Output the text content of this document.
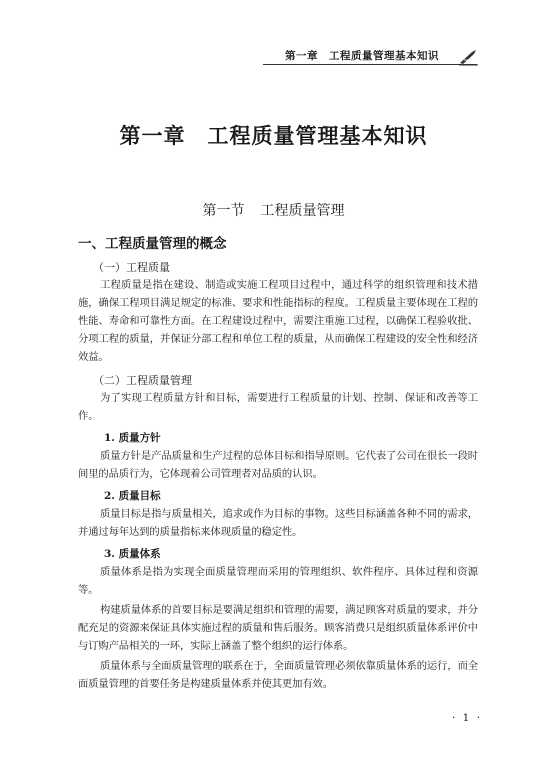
第一章　工程质量管理基本知识
第一章 工程质量管理基本知识
第一节 工程质量管理
一、工程质量管理的概念
（一）工程质量
工程质量是指在建设、制造或实施工程项目过程中，通过科学的组织管理和技术措施，确保工程项目满足规定的标准、要求和性能指标的程度。工程质量主要体现在工程的性能、寿命和可靠性方面。在工程建设过程中，需要注重施工过程，以确保工程验收批、分项工程的质量，并保证分部工程和单位工程的质量，从而确保工程建设的安全性和经济效益。
（二）工程质量管理
为了实现工程质量方针和目标，需要进行工程质量的计划、控制、保证和改善等工作。
1. 质量方针
质量方针是产品质量和生产过程的总体目标和指导原则。它代表了公司在很长一段时间里的品质行为，它体现着公司管理者对品质的认识。
2. 质量目标
质量目标是指与质量相关，追求或作为目标的事物。这些目标涵盖各种不同的需求，并通过每年达到的质量指标来体现质量的稳定性。
3. 质量体系
质量体系是指为实现全面质量管理而采用的管理组织、软件程序、具体过程和资源等。
构建质量体系的首要目标是要满足组织和管理的需要，满足顾客对质量的要求，并分配充足的资源来保证具体实施过程的质量和售后服务。顾客消费只是组织质量体系评价中与订购产品相关的一环，实际上涵盖了整个组织的运行体系。
质量体系与全面质量管理的联系在于，全面质量管理必须依靠质量体系的运行，而全面质量管理的首要任务是构建质量体系并使其更加有效。
· 1 ·
